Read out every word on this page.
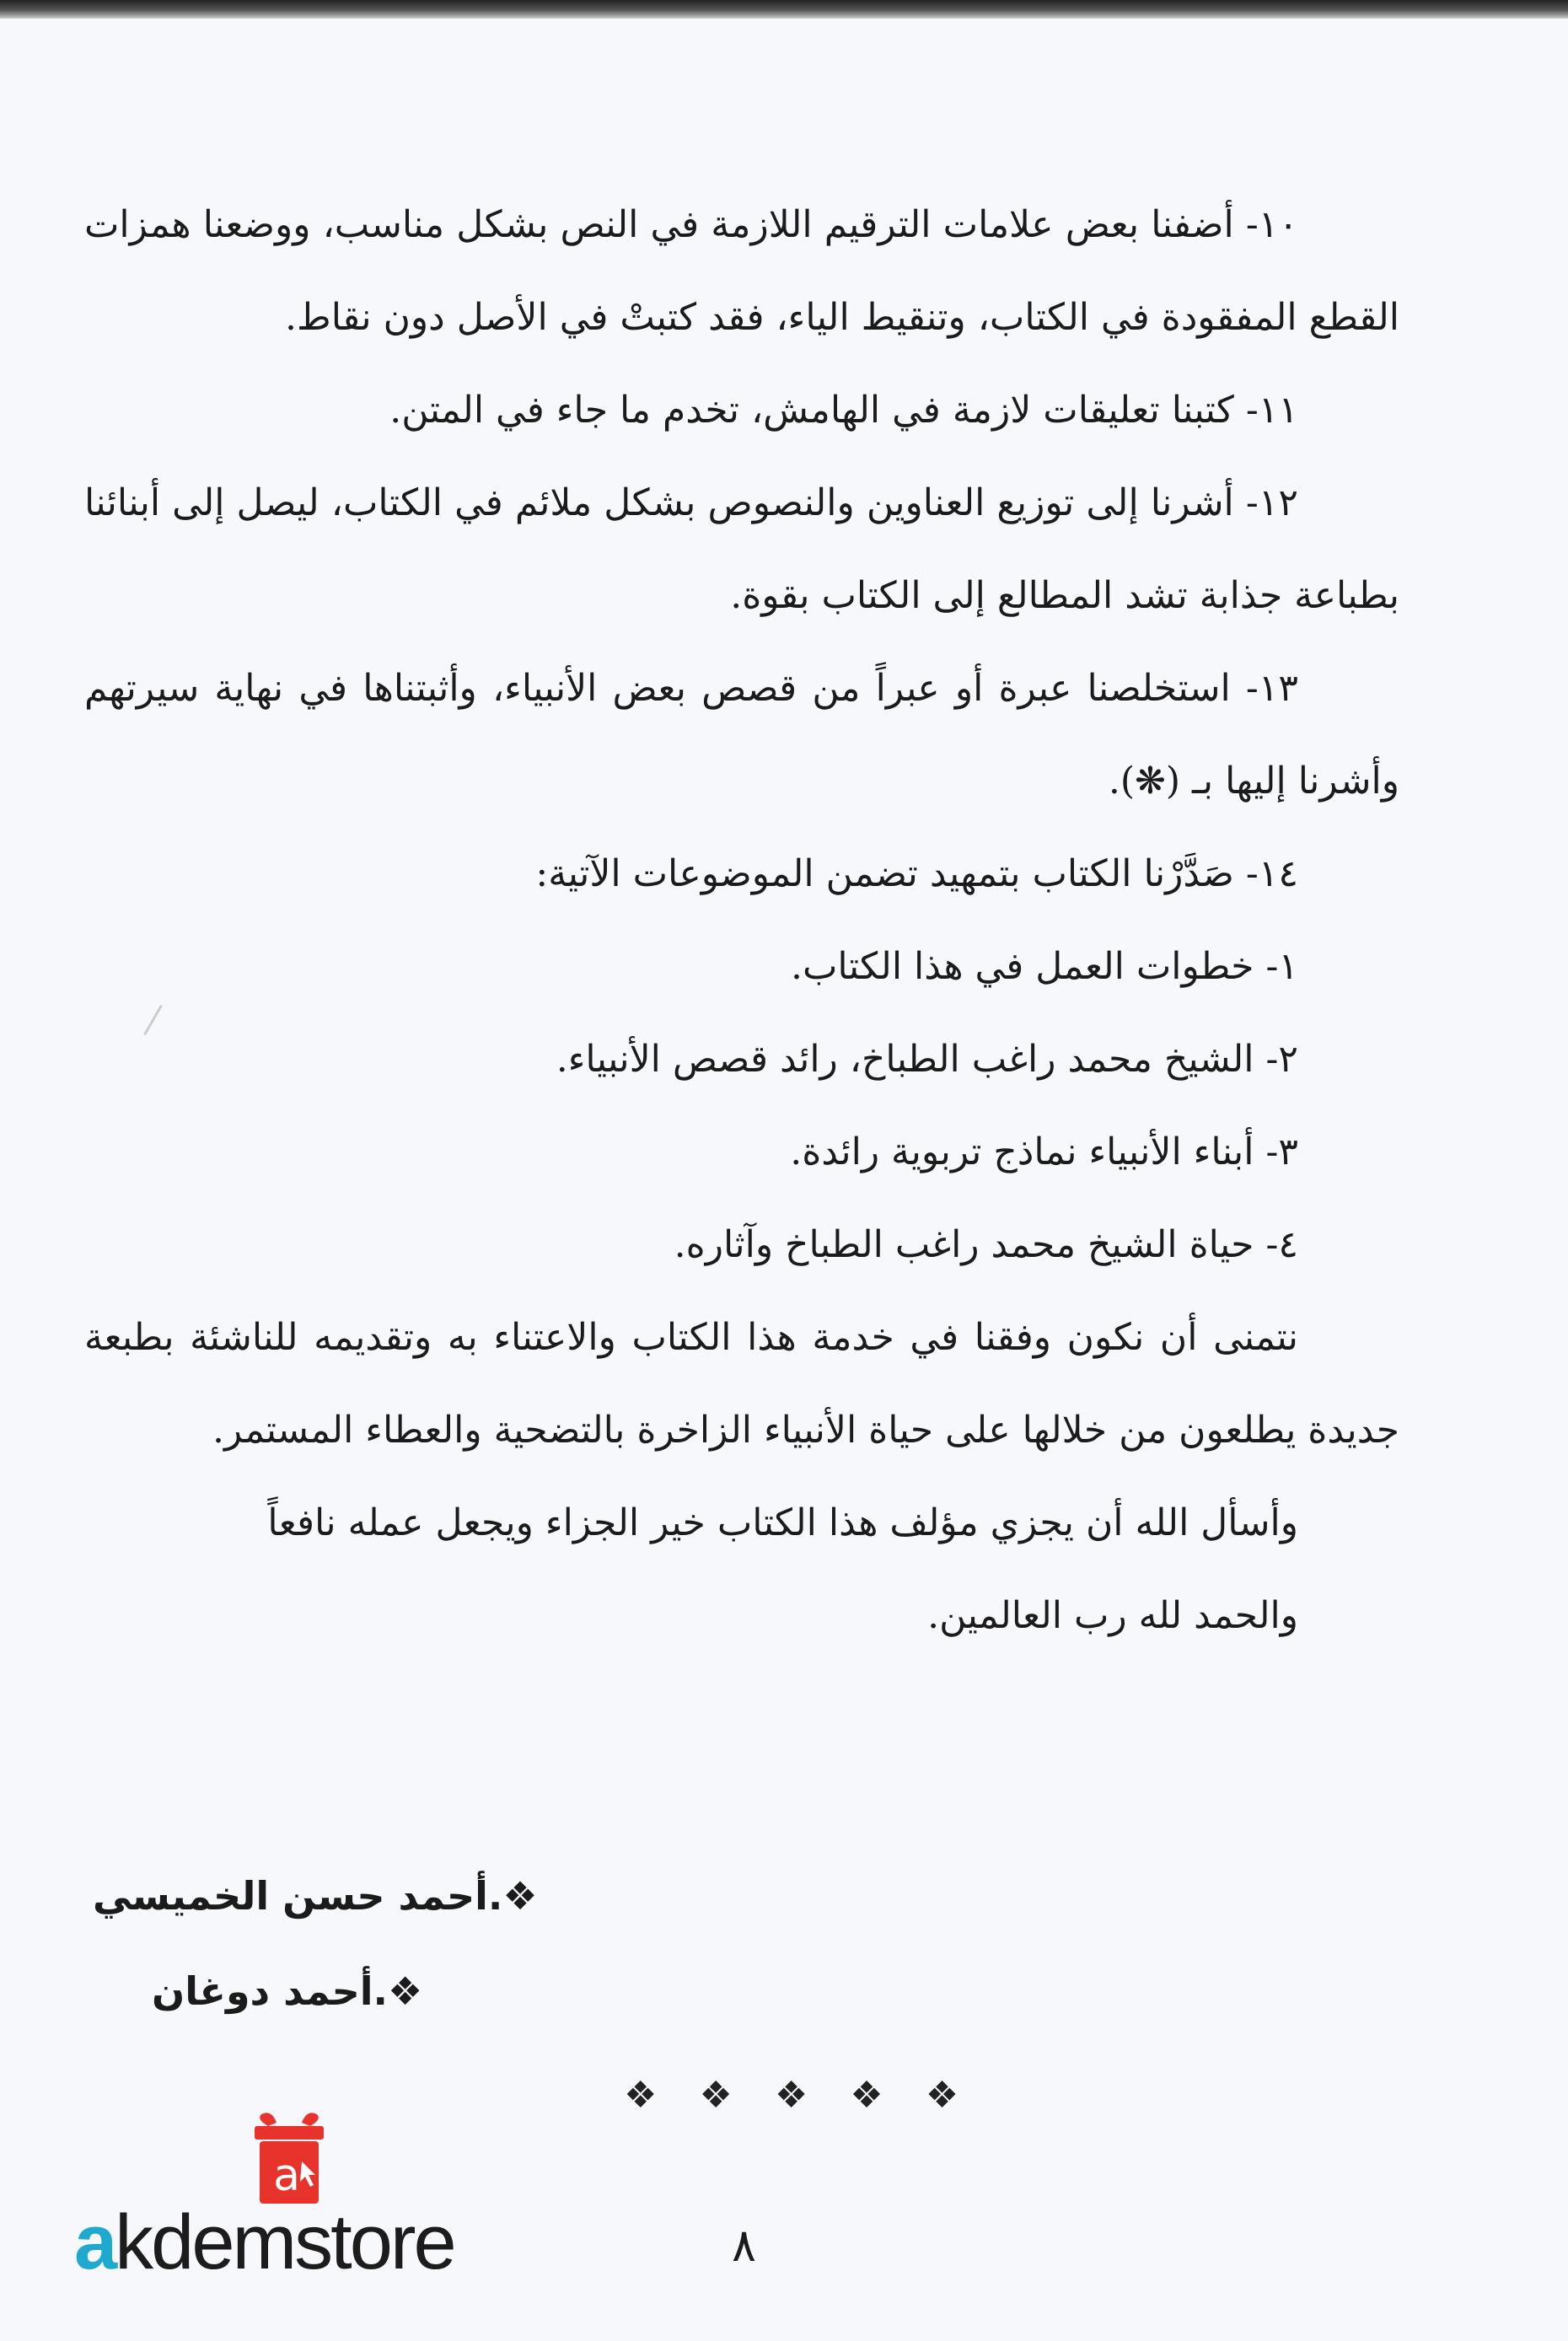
١٠- أضفنا بعض علامات الترقيم اللازمة في النص بشكل مناسب، ووضعنا همزات القطع المفقودة في الكتاب، وتنقيط الياء، فقد كتبتْ في الأصل دون نقاط.

١١- كتبنا تعليقات لازمة في الهامش، تخدم ما جاء في المتن.

١٢- أشرنا إلى توزيع العناوين والنصوص بشكل ملائم في الكتاب، ليصل إلى أبنائنا بطباعة جذابة تشد المطالع إلى الكتاب بقوة.

١٣- استخلصنا عبرة أو عبراً من قصص بعض الأنبياء، وأثبتناها في نهاية سيرتهم وأشرنا إليها بـ (❋).

١٤- صَدَّرْنا الكتاب بتمهيد تضمن الموضوعات الآتية:

١- خطوات العمل في هذا الكتاب.

٢- الشيخ محمد راغب الطباخ، رائد قصص الأنبياء.

٣- أبناء الأنبياء نماذج تربوية رائدة.

٤- حياة الشيخ محمد راغب الطباخ وآثاره.

نتمنى أن نكون وفقنا في خدمة هذا الكتاب والاعتناء به وتقديمه للناشئة بطبعة جديدة يطلعون من خلالها على حياة الأنبياء الزاخرة بالتضحية والعطاء المستمر.

وأسأل الله أن يجزي مؤلف هذا الكتاب خير الجزاء ويجعل عمله نافعاً

والحمد لله رب العالمين.

❖.أحمد حسن الخميسي
❖.أحمد دوغان
❖ ❖ ❖ ❖ ❖
٨
a
akdemstore
